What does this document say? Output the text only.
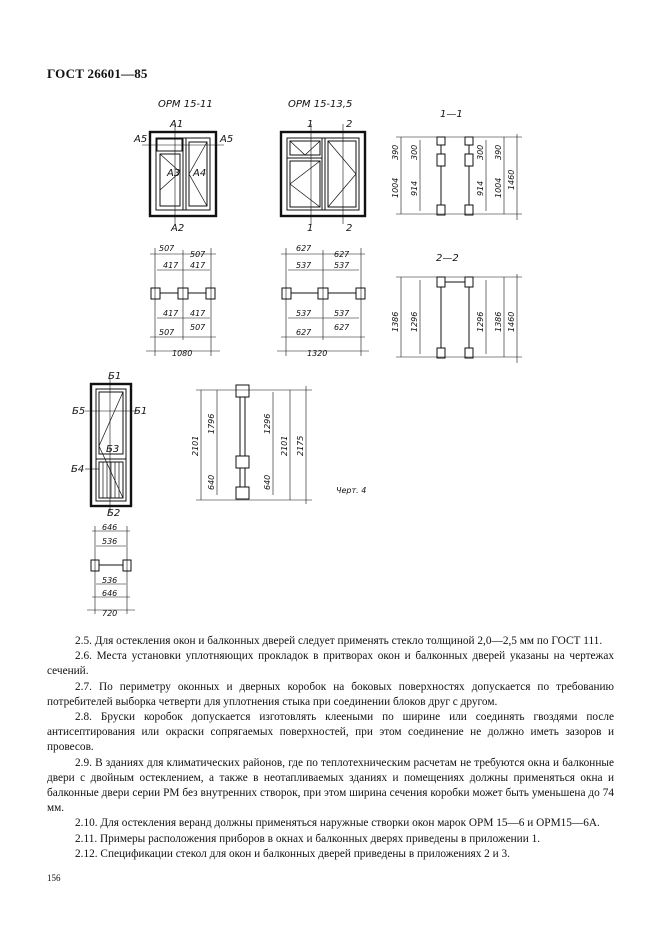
ГОСТ 26601—85
ОРМ 15-11
А1
А5	А5
А3 А4
А2
ОРМ 15-13,5
1	2
1	2
1—1
390 300	300 390
1004 914	914 1004 1460
507
507
417 417
417 417
507
507
1080
627
627
537	537
537	537
627
627
1320
2—2
1386 1296	1296 1386 1460
Б1
Б5	Б1
Б3
Б4
Б2
2101
1796
640
1296
640
2101 2175
Черт. 4
646
536
536
646
720

2.5. Для остекления окон и балконных дверей следует применять стекло толщиной 2,0—2,5 мм по ГОСТ 111.

2.6. Места установки уплотняющих прокладок в притворах окон и балконных дверей указаны на чертежах сечений.

2.7. По периметру оконных и дверных коробок на боковых поверхностях допускается по требованию потребителей выборка четверти для уплотнения стыка при соединении блоков друг с другом.

2.8. Бруски коробок допускается изготовлять клееными по ширине или соединять гвоздями после антисептирования или окраски сопрягаемых поверхностей, при этом соединение не должно иметь зазоров и провесов.

2.9. В зданиях для климатических районов, где по теплотехническим расчетам не требуются окна и балконные двери с двойным остеклением, а также в неотапливаемых зданиях и помещениях должны применяться окна и балконные двери серии РМ без внутренних створок, при этом ширина сечения коробки может быть уменьшена до 74 мм.

2.10. Для остекления веранд должны применяться наружные створки окон марок ОРМ 15—6 и ОРМ15—6А.

2.11. Примеры расположения приборов в окнах и балконных дверях приведены в приложении 1.

2.12. Спецификации стекол для окон и балконных дверей приведены в приложениях 2 и 3.

156
